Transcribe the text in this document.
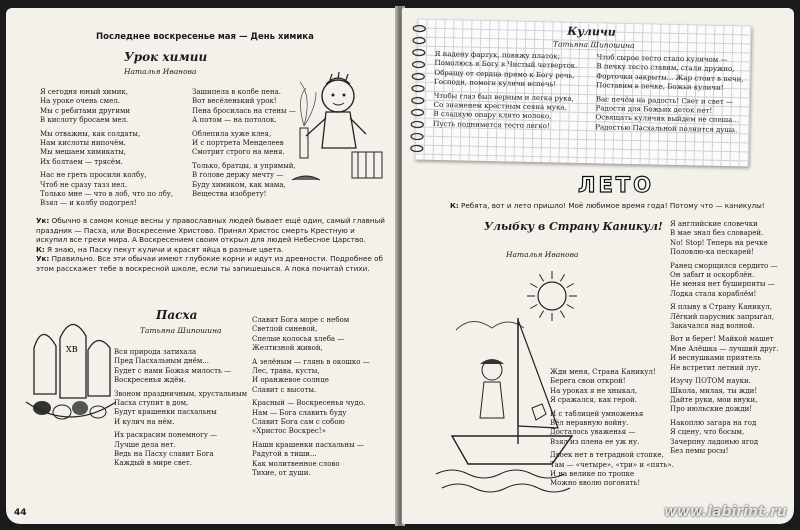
Последнее воскресенье мая — День химика
Урок химии
Наталья Иванова
Я сегодня юный химик,
На уроке очень смел.
Мы с ребятами другими
В кислоту бросаем мел.

Мы отважны, как солдаты,
Нам кислоты нипочём.
Мы мешаем химикаты,
Их болтаем — трясём.

Нас не греть просили колбу,
Чтоб не сразу тазз нел.
Только мне — что в лоб, что по лбу,
Взял — и колбу подогрел!
Зашипела в колбе пена.
Вот весёленький урок!
Пена бросилась на стены —
А потом — на потолок.

Облепила хуже клея,
И с портрета Менделеев
Смотрит строго на меня.

Только, братцы, я упрямый,
В голове держу мечту —
Буду химиком, как мама,
Веществa изобрету!
Ук: Обычно в самом конце весны у православных людей бывает ещё один, самый главный праздник — Пасха, или Воскресение Христово. Принял Христос смерть Крестную и искупил все грехи мира. А Воскресением своим открыл для людей Небесное Царство.
К: Я знаю, на Пасху пекут куличи и красят яйца в разные цвета.
Ук: Правильно. Все эти обычаи имеют глубокие корни и идут из древности. Подробнее об этом расскажет тебе в воскресной школе, если ты запишешься. А пока почитай стихи.
Пасха
Татьяна Шипошина
ХВ	Вся природа затихала
Пред Пасхальным днём...
Будет с нами Божья милость —
Воскресенья ждём.

Звоном праздничным, хрустальным
Пасха ступит в дом,
Будут крашенки пасхальны
И кулич на нём.

Их раскрасим понемногу —
Лучше дела нет.
Ведь на Пасху славит Бога
Каждый в мире свет.
Славят Бога море с небом
Светлой синевой,
Спелые колосья хлеба —
Желтизной живой,

А зелёным — глянь в окошко —
Лес, трава, кусты,
И оранжевое солнце
Славит с высоты.

Красный — Воскресенья чудо.
Нам — Бога славить буду
Славит Бога сам с собою
«Христос Воскрес!»

Наши крашенки пасхальны —
Радугой в тиши...
Как молитвенное слово
Тихие, от души.
44
Куличи
Татьяна Шипошина
Я надену фартук, повяжу платок;
Помолюсь я Богу в Чистый четверток.
Обращу от сердца прямо к Богу речь,
Господи, помоги куличи испечь!

Чтобы глаз был верным и легка рука,
Со знаменем крестным сеяна мука,
В сладкую опару клито молоко,
Пусть поднимется тесто легко!
Чтоб сырое тесто стало куличом —
В печку тесто ставим, стали дружно,
Форточки закрыты... Жар стоит в печи,
Поставим в печке, Божьи куличи!

Вас печём на радость! Свет и свет —
Радости для Божьих деток нет!
Освящать куличик выйдем не спеша...
Радостью Пасхальной полнится душа.
ЛЕТО
К: Ребята, вот и лето пришло! Моё любимое время года! Потому что — каникулы!
Улыбку в Страну Каникул!
Наталья Иванова
Жди меня, Страна Каникул!
Берега свои открой!
На уроках я не хныкал,
Я сражался, как герой.

И с таблицей умноженья
Вёл неравную войну.
Досталось уваженья —
Взял из плена ее уж ну.

Двоек нет в тетрадной стопке,
Там — «четыре», «три» и «пять».
И на велике по тропке
Можно вволю погонять!
Я английские словечки
В мае знал без словарей.
No! Stop! Теперь на речке
Половлю-ка пескарей!

Ранец сморщился сердито —
Он забыт и оскорблён.
Не меняя нет буширпиты —
Лодка стала кораблём!

Я плыву в Страну Каникул,
Лёгкий парусник запрыгал,
Закачался над волной.

Вот и берег! Майкой машет
Мне Алёшка — лучший друг.
И веснушками приятель
Не встретит летний луг.

Изучу ПОТОМ науки.
Школа, милая, ты жди!
Дайте руки, мои внуки,
Про июльские дожди!

Накоплю загара на год
Я сцену, что босым,
Зачерпну ладонью ягод
Без пемы росы!
www.labirint.ru
